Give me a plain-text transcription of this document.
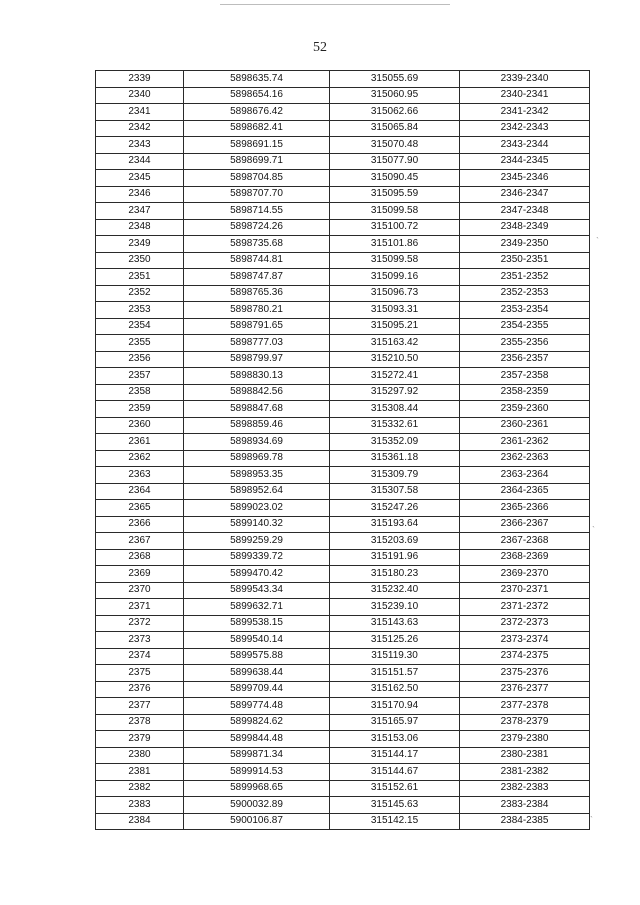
52
2339	5898635.74	315055.69	2339-2340
2340	5898654.16	315060.95	2340-2341
2341	5898676.42	315062.66	2341-2342
2342	5898682.41	315065.84	2342-2343
2343	5898691.15	315070.48	2343-2344
2344	5898699.71	315077.90	2344-2345
2345	5898704.85	315090.45	2345-2346
2346	5898707.70	315095.59	2346-2347
2347	5898714.55	315099.58	2347-2348
2348	5898724.26	315100.72	2348-2349
2349	5898735.68	315101.86	2349-2350
2350	5898744.81	315099.58	2350-2351
2351	5898747.87	315099.16	2351-2352
2352	5898765.36	315096.73	2352-2353
2353	5898780.21	315093.31	2353-2354
2354	5898791.65	315095.21	2354-2355
2355	5898777.03	315163.42	2355-2356
2356	5898799.97	315210.50	2356-2357
2357	5898830.13	315272.41	2357-2358
2358	5898842.56	315297.92	2358-2359
2359	5898847.68	315308.44	2359-2360
2360	5898859.46	315332.61	2360-2361
2361	5898934.69	315352.09	2361-2362
2362	5898969.78	315361.18	2362-2363
2363	5898953.35	315309.79	2363-2364
2364	5898952.64	315307.58	2364-2365
2365	5899023.02	315247.26	2365-2366
2366	5899140.32	315193.64	2366-2367
2367	5899259.29	315203.69	2367-2368
2368	5899339.72	315191.96	2368-2369
2369	5899470.42	315180.23	2369-2370
2370	5899543.34	315232.40	2370-2371
2371	5899632.71	315239.10	2371-2372
2372	5899538.15	315143.63	2372-2373
2373	5899540.14	315125.26	2373-2374
2374	5899575.88	315119.30	2374-2375
2375	5899638.44	315151.57	2375-2376
2376	5899709.44	315162.50	2376-2377
2377	5899774.48	315170.94	2377-2378
2378	5899824.62	315165.97	2378-2379
2379	5899844.48	315153.06	2379-2380
2380	5899871.34	315144.17	2380-2381
2381	5899914.53	315144.67	2381-2382
2382	5899968.65	315152.61	2382-2383
2383	5900032.89	315145.63	2383-2384
2384	5900106.87	315142.15	2384-2385
`
`
`
